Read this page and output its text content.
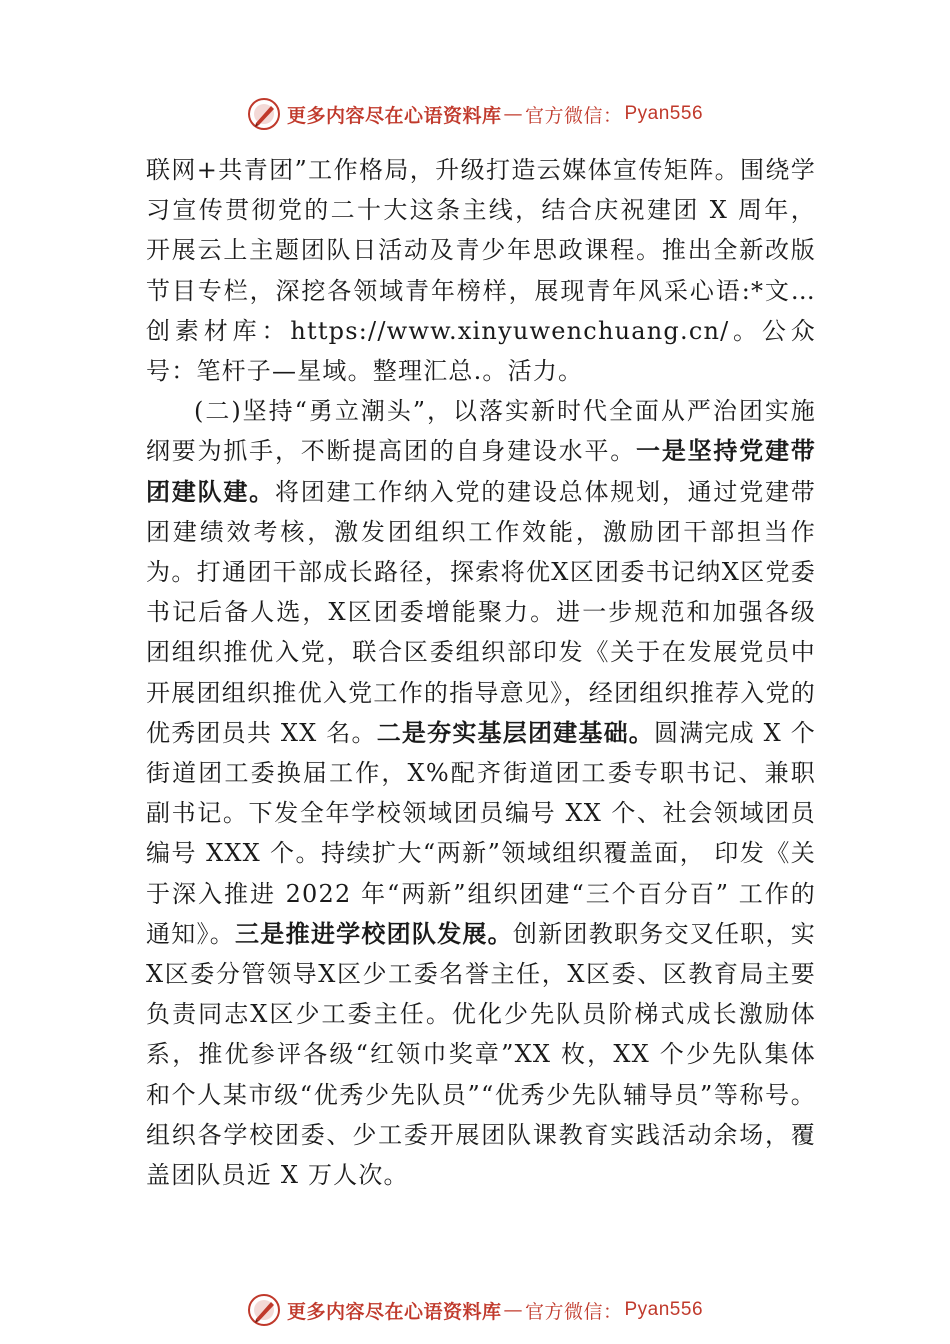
更多内容尽在心语资料库 — 官方微信： Pyan556

联网+共青团”工作格局，升级打造云媒体宣传矩阵。围绕学习宣传贯彻党的二十大这条主线，结合庆祝建团 X 周年， 开展云上主题团队日活动及青少年思政课程。推出全新改版节目专栏，深挖各领域青年榜样，展现青年风采心语:*文…创素材库：https://www.xinyuwenchuang.cn/。公众号：笔杆子—星域。整理汇总.。活力。

(二)坚持“勇立潮头”，以落实新时代全面从严治团实施纲要为抓手，不断提高团的自身建设水平。一是坚持党建带团建队建。将团建工作纳入党的建设总体规划，通过党建带团建绩效考核，激发团组织工作效能，激励团干部担当作为。打通团干部成长路径，探索将优X区团委书记纳X区党委书记后备人选，X区团委增能聚力。进一步规范和加强各级团组织推优入党，联合区委组织部印发《关于在发展党员中开展团组织推优入党工作的指导意见》，经团组织推荐入党的优秀团员共 XX 名。二是夯实基层团建基础。圆满完成 X 个街道团工委换届工作，X%配齐街道团工委专职书记、兼职副书记。下发全年学校领域团员编号 XX 个、社会领域团员编号 XXX 个。持续扩大“两新”领域组织覆盖面， 印发《关于深入推进 2022 年“两新”组织团建“三个百分百” 工作的通知》。三是推进学校团队发展。创新团教职务交叉任职，实X区委分管领导X区少工委名誉主任，X区委、区教育局主要负责同志X区少工委主任。优化少先队员阶梯式成长激励体系，推优参评各级“红领巾奖章”XX 枚，XX 个少先队集体和个人某市级“优秀少先队员”“优秀少先队辅导员”等称号。组织各学校团委、少工委开展团队课教育实践活动余场，覆盖团队员近 X 万人次。

更多内容尽在心语资料库 — 官方微信： Pyan556
